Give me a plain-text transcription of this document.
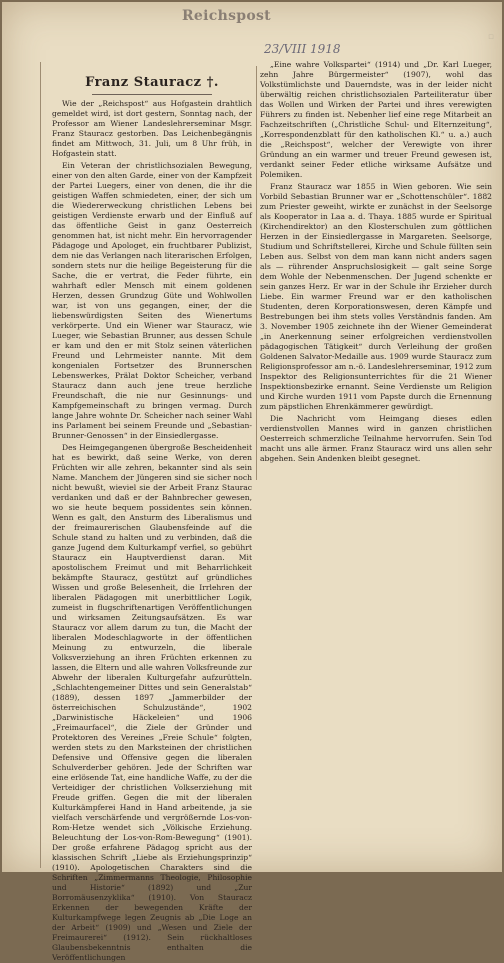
Reichspost
23/VIII 1918
▫
Franz Stauracz †.

Wie der „Reichspost“ aus Hofgastein drahtlich gemeldet wird, ist dort gestern, Sonntag nach, der Professor am Wiener Landeslehrerseminar Msgr. Franz Stauracz gestorben. Das Leichenbegängnis findet am Mittwoch, 31. Juli, um 8 Uhr früh, in Hofgastein statt.

Ein Veteran der christlichsozialen Bewegung, einer von den alten Garde, einer von der Kampfzeit der Partei Luegers, einer von denen, die ihr die geistigen Waffen schmiedeten, einer, der sich um die Wiedererweckung christlichen Lebens bei geistigen Verdienste erwarb und der Einfluß auf das öffentliche Geist in ganz Oesterreich genommen hat, ist nicht mehr. Ein hervorragender Pädagoge und Apologet, ein fruchtbarer Publizist, dem nie das Verlangen nach literarischen Erfolgen, sondern stets nur die heilige Begeisterung für die Sache, die er vertrat, die Feder führte, ein wahrhaft edler Mensch mit einem goldenen Herzen, dessen Grundzug Güte und Wohlwollen war, ist von uns gegangen, einer, der die liebenswürdigsten Seiten des Wienertums verkörperte. Und ein Wiener war Stauracz, wie Lueger, wie Sebastian Brunner, aus dessen Schule er kam und den er mit Stolz seinen väterlichen Freund und Lehrmeister nannte. Mit dem kongenialen Fortsetzer des Brunnerschen Lebenswerkes, Prälat Doktor Scheicher, verband Stauracz dann auch jene treue herzliche Freundschaft, die nie nur Gesinnungs- und Kampfgemeinschaft zu bringen vermag. Durch lange Jahre wohnte Dr. Scheicher nach seiner Wahl ins Parlament bei seinem Freunde und „Sebastian-Brunner-Genossen“ in der Einsiedlergasse.

Des Heimgegangenen übergroße Bescheidenheit hat es bewirkt, daß seine Werke, von deren Früchten wir alle zehren, bekannter sind als sein Name. Manchem der Jüngeren sind sie sicher noch nicht bewußt, wieviel sie der Arbeit Franz Staurac verdanken und daß er der Bahnbrecher gewesen, wo sie heute bequem possidentes sein können. Wenn es galt, den Ansturm des Liberalismus und der freimaurerischen Glaubensfeinde auf die Schule stand zu halten und zu verbinden, daß die ganze Jugend dem Kulturkampf verfiel, so gebührt Stauracz ein Hauptverdienst daran. Mit apostolischem Freimut und mit Beharrlichkeit bekämpfte Stauracz, gestützt auf gründliches Wissen und große Belesenheit, die Irrlehren der liberalen Pädagogen mit unerbittlicher Logik, zumeist in flugschriftenartigen Veröffentlichungen und wirksamen Zeitungsaufsätzen. Es war Stauracz vor allem darum zu tun, die Macht der liberalen Modeschlagworte in der öffentlichen Meinung zu entwurzeln, die liberale Volksverziehung an ihren Früchten erkennen zu lassen, die Eltern und alle wahren Volksfreunde zur Abwehr der liberalen Kulturgefahr aufzurütteln. „Schlachtengemeiner Dittes und sein Generalstab“ (1889), dessen 1897 „Jammerbilder der österreichischen Schulzustände“, 1902 „Darwinistische Häckeleien“ und 1906 „Freimaurfacel“, die Ziele der Gründer und Protektoren des Vereines „Freie Schule“ folgten, werden stets zu den Marksteinen der christlichen Defensive und Offensive gegen die liberalen Schulverderber gehören. Jede der Schriften war eine erlösende Tat, eine handliche Waffe, zu der die Verteidiger der christlichen Volkserziehung mit Freude griffen. Gegen die mit der liberalen Kulturkämpferei Hand in Hand arbeitende, ja sie vielfach verschärfende und vergrößernde Los-von-Rom-Hetze wendet sich „Völkische Erziehung. Beleuchtung der Los-von-Rom-Bewegung“ (1901). Der große erfahrene Pädagog spricht aus der klassischen Schrift „Liebe als Erziehungsprinzip“ (1910). Apologetischen Charakters sind die Schriften „Zimmermanns Theologie, Philosophie und Historie“ (1892) und „Zur Borromäusenzyklika“ (1910). Von Stauracz Erkennen der bewegenden Kräfte der Kulturkampfwege legen Zeugnis ab „Die Loge an der Arbeit“ (1909) und „Wesen und Ziele der Freimaurerei“ (1912). Sein rückhaltloses Glaubensbekenntnis enthalten die Veröffentlichungen

„Eine wahre Volkspartei“ (1914) und „Dr. Karl Lueger, zehn Jahre Bürgermeister“ (1907), wohl das Volkstümlichste und Dauerndste, was in der leider nicht überwältig reichen christlichsozialen Parteiliteratur über das Wollen und Wirken der Partei und ihres verewigten Führers zu finden ist. Nebenher lief eine rege Mitarbeit an Fachzeitschriften („Christliche Schul- und Elternzeitung“, „Korrespondenzblatt für den katholischen Kl.“ u. a.) auch die „Reichspost“, welcher der Verewigte von ihrer Gründung an ein warmer und treuer Freund gewesen ist, verdankt seiner Feder etliche wirksame Aufsätze und Polemiken.

Franz Stauracz war 1855 in Wien geboren. Wie sein Vorbild Sebastian Brunner war er „Schottenschüler“. 1882 zum Priester geweiht, wirkte er zunächst in der Seelsorge als Kooperator in Laa a. d. Thaya. 1885 wurde er Spiritual (Kirchendirektor) an den Klosterschulen zum göttlichen Herzen in der Einsiedlergasse in Margareten. Seelsorge, Studium und Schriftstellerei, Kirche und Schule füllten sein Leben aus. Selbst von dem man kann nicht anders sagen als — rührender Anspruchslosigkeit — galt seine Sorge dem Wohle der Nebenmenschen. Der Jugend schenkte er sein ganzes Herz. Er war in der Schule ihr Erzieher durch Liebe. Ein warmer Freund war er den katholischen Studenten, deren Korporationswesen, deren Kämpfe und Bestrebungen bei ihm stets volles Verständnis fanden. Am 3. November 1905 zeichnete ihn der Wiener Gemeinderat „in Anerkennung seiner erfolgreichen verdienstvollen pädagogischen Tätigkeit“ durch Verleihung der großen Goldenen Salvator-Medaille aus. 1909 wurde Stauracz zum Religionsprofessor am n.-ö. Landeslehrerseminar, 1912 zum Inspektor des Religionsunterrichtes für die 21 Wiener Inspektionsbezirke ernannt. Seine Verdienste um Religion und Kirche wurden 1911 vom Papste durch die Ernennung zum päpstlichen Ehrenkämmerer gewürdigt.

Die Nachricht vom Heimgang dieses edlen verdienstvollen Mannes wird in ganzen christlichen Oesterreich schmerzliche Teilnahme hervorrufen. Sein Tod macht uns alle ärmer. Franz Stauracz wird uns allen sehr abgehen. Sein Andenken bleibt gesegnet.
